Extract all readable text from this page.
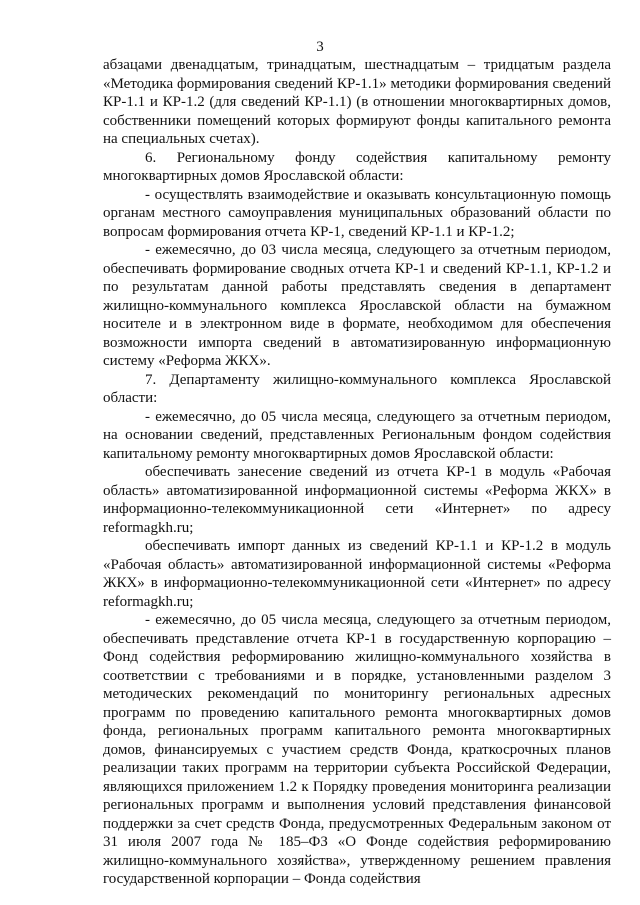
3

абзацами двенадцатым, тринадцатым, шестнадцатым – тридцатым раздела «Методика формирования сведений КР-1.1» методики формирования сведений КР-1.1 и КР-1.2 (для сведений КР-1.1) (в отношении многоквартирных домов, собственники помещений которых формируют фонды капитального ремонта на специальных счетах).

6. Региональному фонду содействия капитальному ремонту многоквартирных домов Ярославской области:

- осуществлять взаимодействие и оказывать консультационную помощь органам местного самоуправления муниципальных образований области по вопросам формирования отчета КР-1, сведений КР-1.1 и КР-1.2;

- ежемесячно, до 03 числа месяца, следующего за отчетным периодом, обеспечивать формирование сводных отчета КР-1 и сведений КР-1.1, КР-1.2 и по результатам данной работы представлять сведения в департамент жилищно-коммунального комплекса Ярославской области на бумажном носителе и в электронном виде в формате, необходимом для обеспечения возможности импорта сведений в автоматизированную информационную систему «Реформа ЖКХ».

7. Департаменту жилищно-коммунального комплекса Ярославской области:

- ежемесячно, до 05 числа месяца, следующего за отчетным периодом, на основании сведений, представленных Региональным фондом содействия капитальному ремонту многоквартирных домов Ярославской области:

обеспечивать занесение сведений из отчета КР-1 в модуль «Рабочая область» автоматизированной информационной системы «Реформа ЖКХ» в информационно-телекоммуникационной сети «Интернет» по адресу reformagkh.ru;

обеспечивать импорт данных из сведений КР-1.1 и КР-1.2 в модуль «Рабочая область» автоматизированной информационной системы «Реформа ЖКХ» в информационно-телекоммуникационной сети «Интернет» по адресу reformagkh.ru;

- ежемесячно, до 05 числа месяца, следующего за отчетным периодом, обеспечивать представление отчета КР-1 в государственную корпорацию – Фонд содействия реформированию жилищно-коммунального хозяйства в соответствии с требованиями и в порядке, установленными разделом 3 методических рекомендаций по мониторингу региональных адресных программ по проведению капитального ремонта многоквартирных домов фонда, региональных программ капитального ремонта многоквартирных домов, финансируемых с участием средств Фонда, краткосрочных планов реализации таких программ на территории субъекта Российской Федерации, являющихся приложением 1.2 к Порядку проведения мониторинга реализации региональных программ и выполнения условий представления финансовой поддержки за счет средств Фонда, предусмотренных Федеральным законом от 31 июля 2007 года № 185–ФЗ «О Фонде содействия реформированию жилищно-коммунального хозяйства», утвержденному решением правления государственной корпорации – Фонда содействия
